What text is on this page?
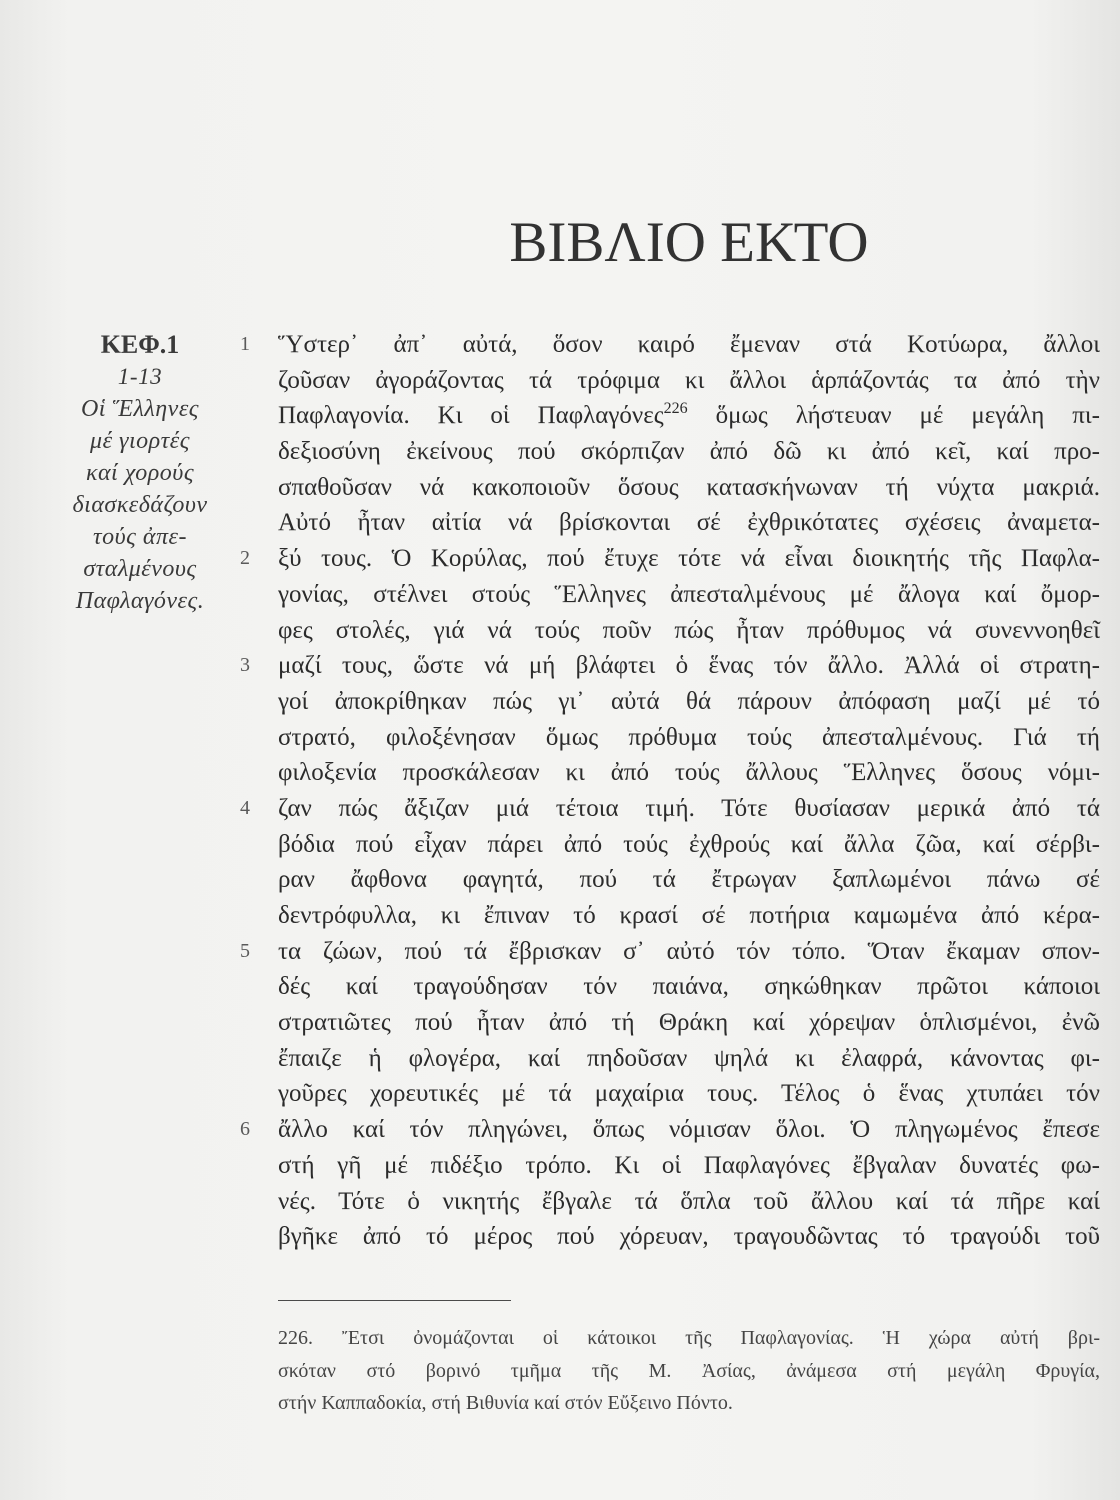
ΒΙΒΛΙΟ ΕΚΤΟ
ΚΕΦ.1
1-13
Οἱ Ἕλληνες
μέ γιορτές
καί χορούς
διασκεδάζουν
τούς ἀπε-
σταλμένους
Παφλαγόνες.
1 Ὕστερ᾽ ἀπ᾽ αὐτά, ὅσον καιρό ἔμεναν στά Κοτύωρα, ἄλλοι
ζοῦσαν ἀγοράζοντας τά τρόφιμα κι ἄλλοι ἁρπάζοντάς τα ἀπό τὴν
Παφλαγονία. Κι οἱ Παφλαγόνες$^{226}$ ὅμως λήστευαν μέ μεγάλη πι-
δεξιοσύνη ἐκείνους πού σκόρπιζαν ἀπό δῶ κι ἀπό κεῖ, καί προ-
σπαθοῦσαν νά κακοποιοῦν ὅσους κατασκήνωναν τή νύχτα μακριά.
Αὐτό ἦταν αἰτία νά βρίσκονται σέ ἐχθρικότατες σχέσεις ἀναμετα-
2 ξύ τους. Ὁ Κορύλας, πού ἔτυχε τότε νά εἶναι διοικητής τῆς Παφλα-
γονίας, στέλνει στούς Ἕλληνες ἀπεσταλμένους μέ ἄλογα καί ὄμορ-
φες στολές, γιά νά τούς ποῦν πώς ἦταν πρόθυμος νά συνεννοηθεῖ
3 μαζί τους, ὥστε νά μή βλάφτει ὁ ἕνας τόν ἄλλο. Ἀλλά οἱ στρατη-
γοί ἀποκρίθηκαν πώς γι᾽ αὐτά θά πάρουν ἀπόφαση μαζί μέ τό
στρατό, φιλοξένησαν ὅμως πρόθυμα τούς ἀπεσταλμένους. Γιά τή
φιλοξενία προσκάλεσαν κι ἀπό τούς ἄλλους Ἕλληνες ὅσους νόμι-
4 ζαν πώς ἄξιζαν μιά τέτοια τιμή. Τότε θυσίασαν μερικά ἀπό τά
βόδια πού εἶχαν πάρει ἀπό τούς ἐχθρούς καί ἄλλα ζῶα, καί σέρβι-
ραν ἄφθονα φαγητά, πού τά ἔτρωγαν ξαπλωμένοι πάνω σέ
δεντρόφυλλα, κι ἔπιναν τό κρασί σέ ποτήρια καμωμένα ἀπό κέρα-
5 τα ζώων, πού τά ἔβρισκαν σ᾽ αὐτό τόν τόπο. Ὅταν ἔκαμαν σπον-
δές καί τραγούδησαν τόν παιάνα, σηκώθηκαν πρῶτοι κάποιοι
στρατιῶτες πού ἦταν ἀπό τή Θράκη καί χόρεψαν ὁπλισμένοι, ἐνῶ
ἔπαιζε ἡ φλογέρα, καί πηδοῦσαν ψηλά κι ἐλαφρά, κάνοντας φι-
γοῦρες χορευτικές μέ τά μαχαίρια τους. Τέλος ὁ ἕνας χτυπάει τόν
6 ἄλλο καί τόν πληγώνει, ὅπως νόμισαν ὅλοι. Ὁ πληγωμένος ἔπεσε
στή γῆ μέ πιδέξιο τρόπο. Κι οἱ Παφλαγόνες ἔβγαλαν δυνατές φω-
νές. Τότε ὁ νικητής ἔβγαλε τά ὅπλα τοῦ ἄλλου καί τά πῆρε καί
βγῆκε ἀπό τό μέρος πού χόρευαν, τραγουδῶντας τό τραγούδι τοῦ
226. Ἔτσι ὀνομάζονται οἱ κάτοικοι τῆς Παφλαγονίας. Ἡ χώρα αὐτή βρι-
σκόταν στό βορινό τμῆμα τῆς Μ. Ἀσίας, ἀνάμεσα στή μεγάλη Φρυγία,
στήν Καππαδοκία, στή Βιθυνία καί στόν Εὔξεινο Πόντο.
